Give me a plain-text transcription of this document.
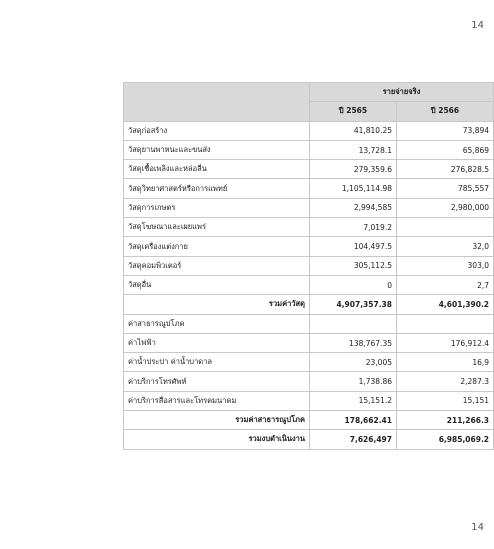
14
	รายจ่ายจริง	
	ปี 2565	ปี 2566
วัสดุก่อสร้าง	41,810.25	73,894
วัสดุยานพาหนะและขนส่ง	13,728.1	65,869
วัสดุเชื้อเพลิงและหล่อลื่น	279,359.6	276,828.5
วัสดุวิทยาศาสตร์หรือการแพทย์	1,105,114.98	785,557
วัสดุการเกษตร	2,994,585	2,980,000
วัสดุโฆษณาและเผยแพร่	7,019.2	
วัสดุเครื่องแต่งกาย	104,497.5	32,0
วัสดุคอมพิวเตอร์	305,112.5	303,0
วัสดุอื่น	0	2,7
รวมค่าวัสดุ	4,907,357.38	4,601,390.2
ค่าสาธารณูปโภค		
ค่าไฟฟ้า	138,767.35	176,912.4
ค่าน้ำประปา ค่าน้ำบาดาล	23,005	16,9
ค่าบริการโทรศัพท์	1,738.86	2,287.3
ค่าบริการสื่อสารและโทรคมนาคม	15,151.2	15,151
รวมค่าสาธารณูปโภค	178,662.41	211,266.3
รวมงบดำเนินงาน	7,626,497	6,985,069.2
14
